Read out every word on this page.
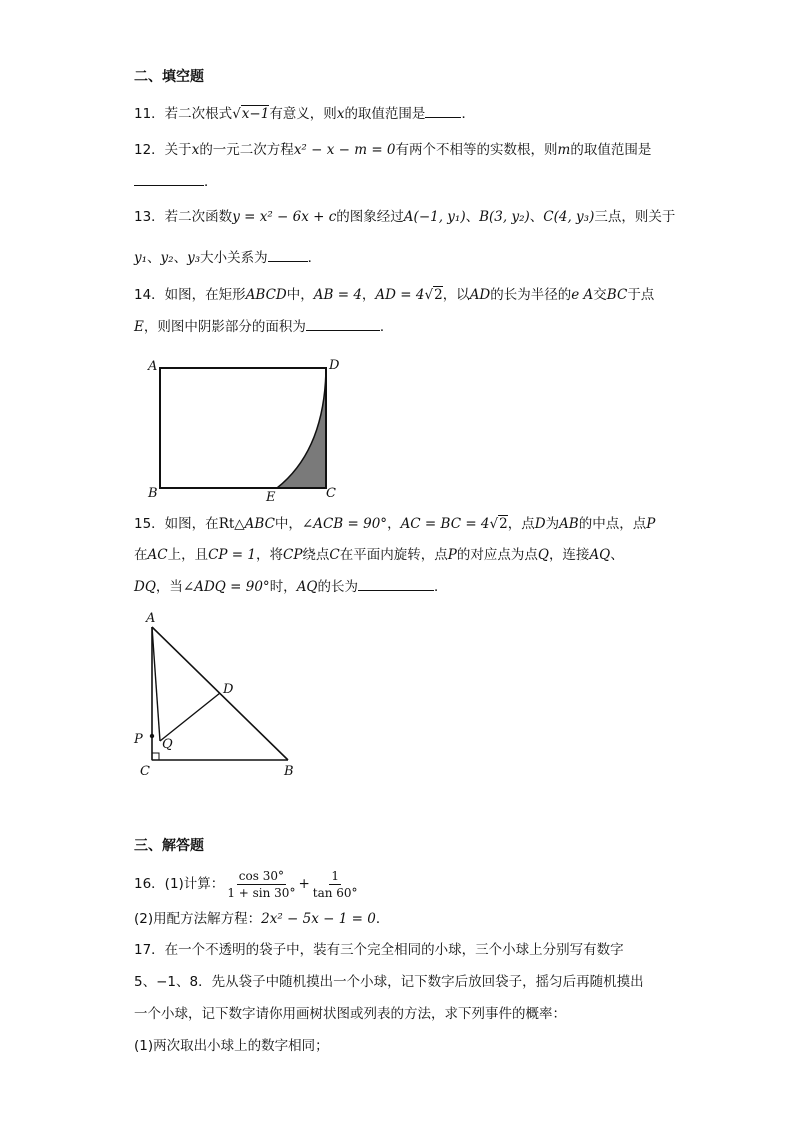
二、填空题
11．若二次根式√x−1有意义，则x的取值范围是	．
12．关于x的一元二次方程x² − x − m = 0有两个不相等的实数根，则m的取值范围是
．
13．若二次函数y = x² − 6x + c的图象经过A(−1, y₁)、B(3, y₂)、C(4, y₃)三点，则关于
y₁、y₂、y₃大小关系为	．
14．如图，在矩形ABCD中，AB = 4，AD = 4√2，以AD的长为半径的e A交BC于点
E，则图中阴影部分的面积为	．
A	D
B	E	C
15．如图，在Rt△ABC中，∠ACB = 90°，AC = BC = 4√2，点D为AB的中点，点P
在AC上，且CP = 1，将CP绕点C在平面内旋转，点P的对应点为点Q，连接AQ、
DQ，当∠ADQ = 90°时，AQ的长为	．
A
D
P Q
C	B
三、解答题
16．(1)计算： $\frac{\cos 30^\circ}{1 + \sin 30^\circ} + \frac{1}{\tan 60^\circ}$
(2)用配方法解方程：2x² − 5x − 1 = 0．
17．在一个不透明的袋子中，装有三个完全相同的小球，三个小球上分别写有数字
5、−1、8．先从袋子中随机摸出一个小球，记下数字后放回袋子，摇匀后再随机摸出
一个小球，记下数字请你用画树状图或列表的方法，求下列事件的概率：
(1)两次取出小球上的数字相同；
